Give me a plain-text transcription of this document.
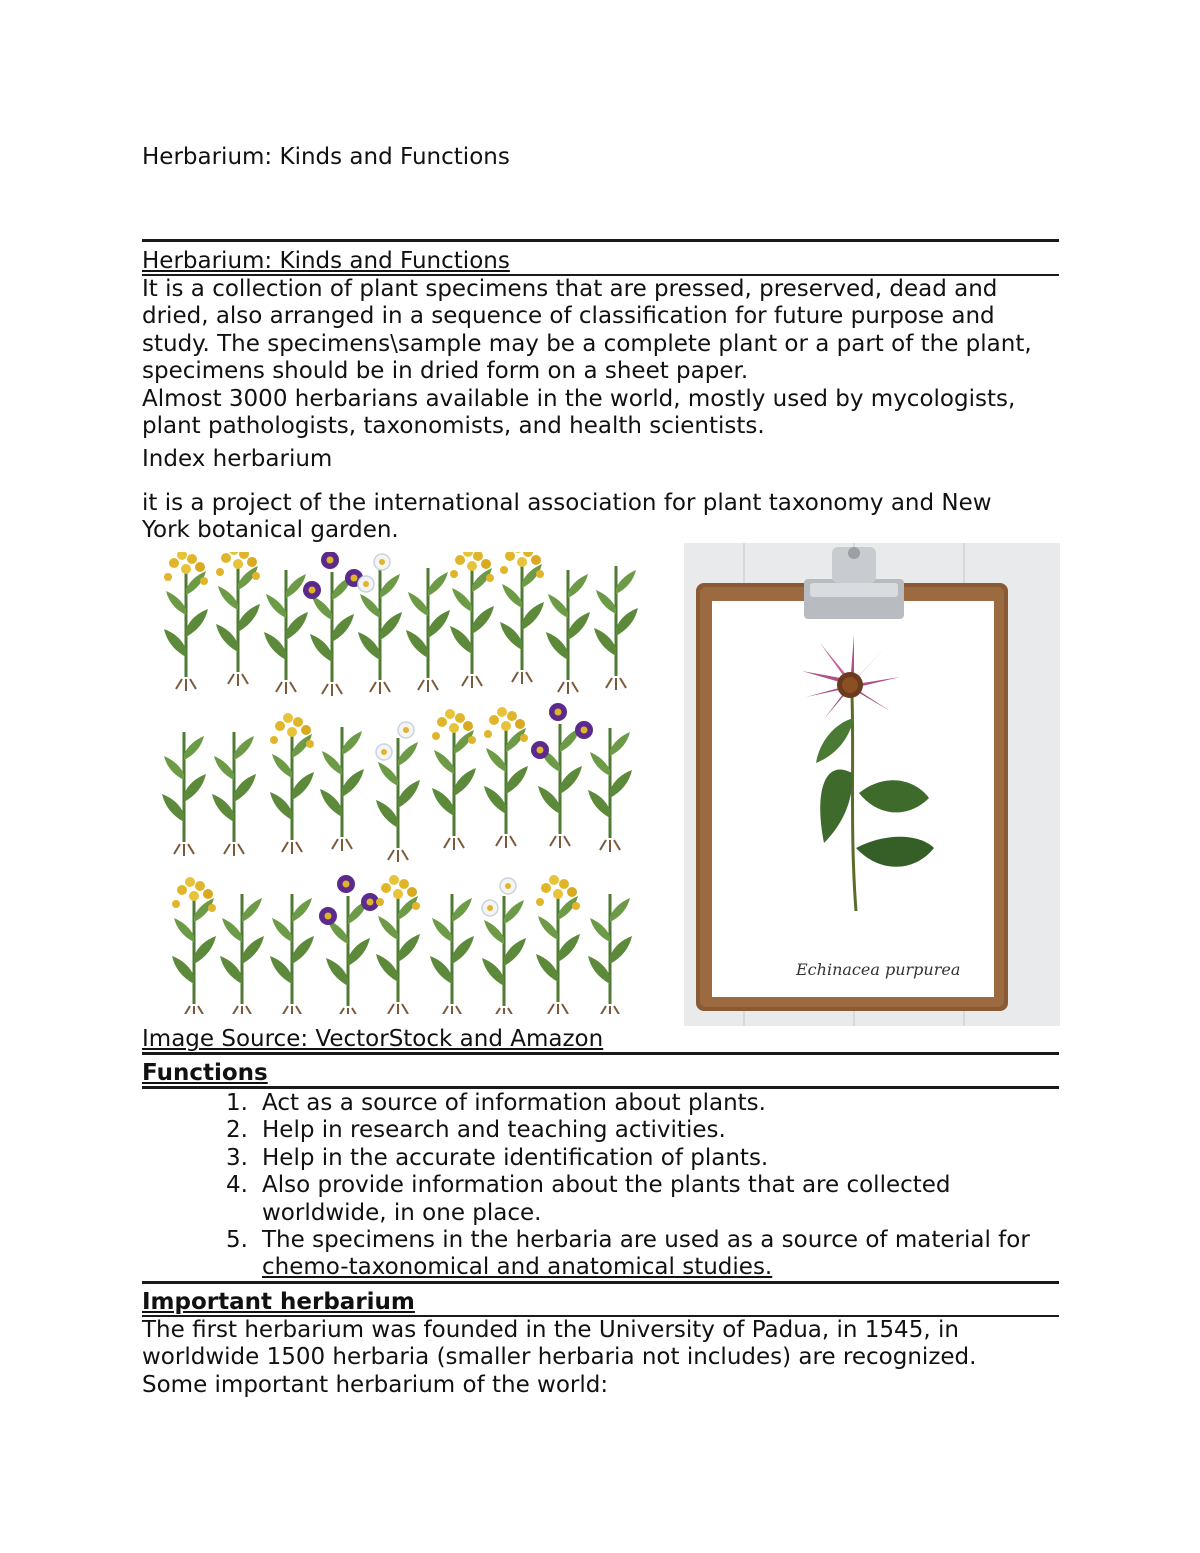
Herbarium: Kinds and Functions

Herbarium: Kinds and Functions

It is a collection of plant specimens that are pressed, preserved, dead and

dried, also arranged in a sequence of classification for future purpose and

study. The specimens\sample may be a complete plant or a part of the plant,

specimens should be in dried form on a sheet paper.

Almost 3000 herbarians available in the world, mostly used by mycologists,

plant pathologists, taxonomists, and health scientists.

Index herbarium

it is a project of the international association for plant taxonomy and New

York botanical garden.

Echinacea purpurea

Image Source: VectorStock and Amazon

Functions

1. Act as a source of information about plants.
2. Help in research and teaching activities.
3. Help in the accurate identification of plants.
4. Also provide information about the plants that are collected
worldwide, in one place.
5. The specimens in the herbaria are used as a source of material for
chemo-taxonomical and anatomical studies.

Important herbarium

The first herbarium was founded in the University of Padua, in 1545, in

worldwide 1500 herbaria (smaller herbaria not includes) are recognized.

Some important herbarium of the world:
